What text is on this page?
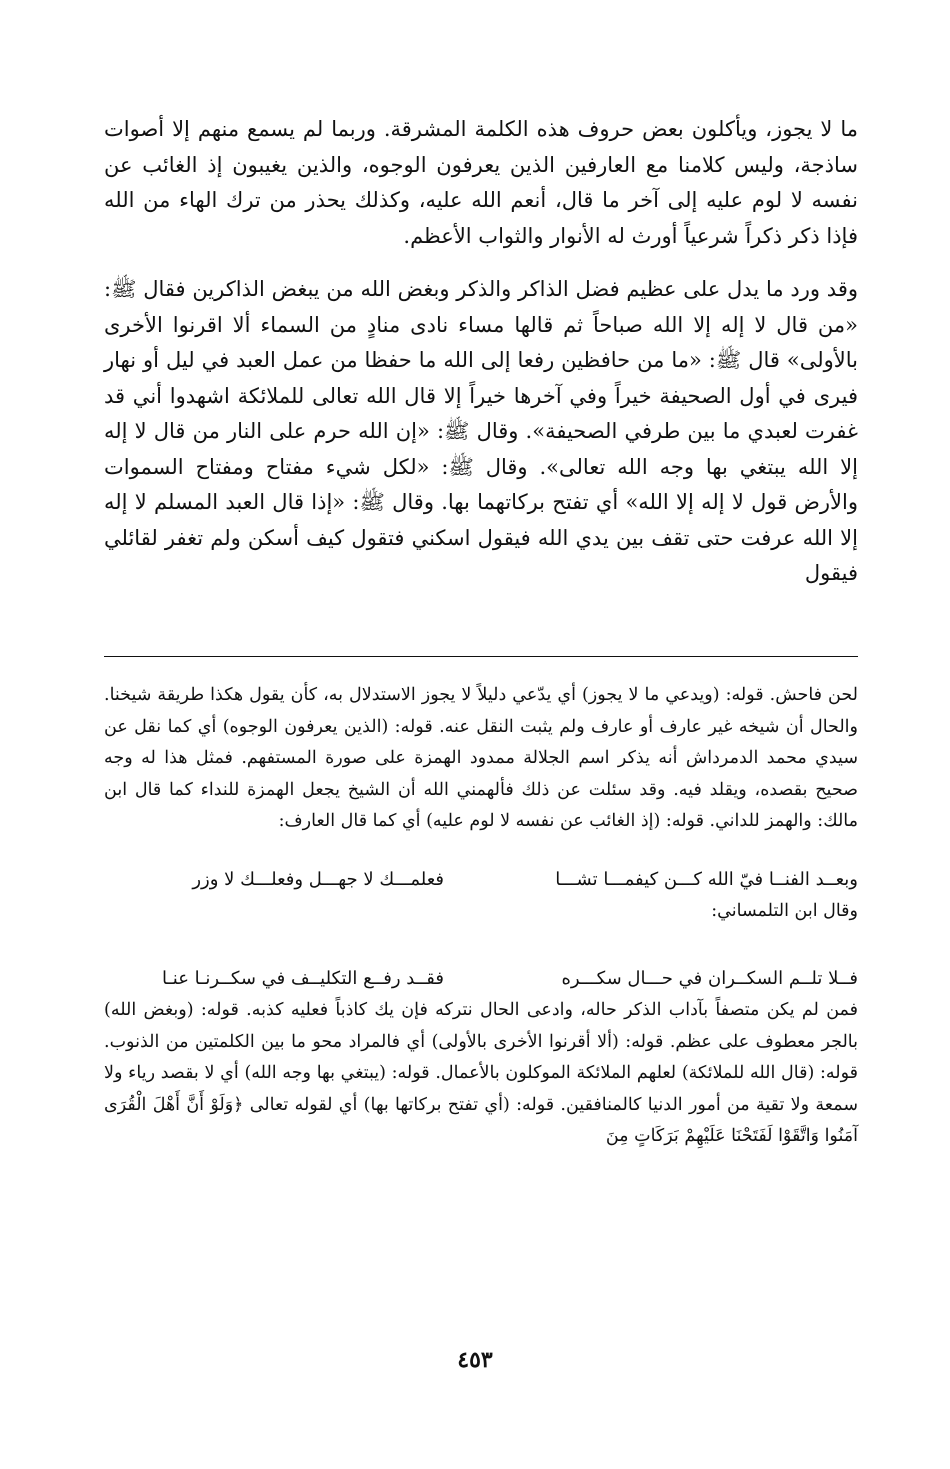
ما لا يجوز، ويأكلون بعض حروف هذه الكلمة المشرقة. وربما لم يسمع منهم إلا أصوات ساذجة، وليس كلامنا مع العارفين الذين يعرفون الوجوه، والذين يغيبون إذ الغائب عن نفسه لا لوم عليه إلى آخر ما قال، أنعم الله عليه، وكذلك يحذر من ترك الهاء من الله فإذا ذكر ذكراً شرعياً أورث له الأنوار والثواب الأعظم.

وقد ورد ما يدل على عظيم فضل الذاكر والذكر وبغض الله من يبغض الذاكرين فقال ﷺ: «من قال لا إله إلا الله صباحاً ثم قالها مساء نادى منادٍ من السماء ألا اقرنوا الأخرى بالأولى» قال ﷺ: «ما من حافظين رفعا إلى الله ما حفظا من عمل العبد في ليل أو نهار فيرى في أول الصحيفة خيراً وفي آخرها خيراً إلا قال الله تعالى للملائكة اشهدوا أني قد غفرت لعبدي ما بين طرفي الصحيفة». وقال ﷺ: «إن الله حرم على النار من قال لا إله إلا الله يبتغي بها وجه الله تعالى». وقال ﷺ: «لكل شيء مفتاح ومفتاح السموات والأرض قول لا إله إلا الله» أي تفتح بركاتهما بها. وقال ﷺ: «إذا قال العبد المسلم لا إله إلا الله عرفت حتى تقف بين يدي الله فيقول اسكني فتقول كيف أسكن ولم تغفر لقائلي فيقول

لحن فاحش. قوله: (ويدعي ما لا يجوز) أي يدّعي دليلاً لا يجوز الاستدلال به، كأن يقول هكذا طريقة شيخنا. والحال أن شيخه غير عارف أو عارف ولم يثبت النقل عنه. قوله: (الذين يعرفون الوجوه) أي كما نقل عن سيدي محمد الدمرداش أنه يذكر اسم الجلالة ممدود الهمزة على صورة المستفهم. فمثل هذا له وجه صحيح بقصده، ويقلد فيه. وقد سئلت عن ذلك فألهمني الله أن الشيخ يجعل الهمزة للنداء كما قال ابن مالك: والهمز للداني. قوله: (إذ الغائب عن نفسه لا لوم عليه) أي كما قال العارف:

وبعــد الفنــا فيّ الله كـــن كيفمـــا تشـــا
فعلمـــك لا جهـــل وفعلـــك لا وزر

وقال ابن التلمساني:

فــلا تلــم السكــران في حـــال سكـــره
فقــد رفــع التكليــف في سكــرنـا عنـا

فمن لم يكن متصفاً بآداب الذكر حاله، وادعى الحال نتركه فإن يك كاذباً فعليه كذبه. قوله: (وبغض الله) بالجر معطوف على عظم. قوله: (ألا أقرنوا الأخرى بالأولى) أي فالمراد محو ما بين الكلمتين من الذنوب. قوله: (قال الله للملائكة) لعلهم الملائكة الموكلون بالأعمال. قوله: (يبتغي بها وجه الله) أي لا بقصد رياء ولا سمعة ولا تقية من أمور الدنيا كالمنافقين. قوله: (أي تفتح بركاتها بها) أي لقوله تعالى ﴿وَلَوْ أَنَّ أَهْلَ الْقُرَى آمَنُوا وَاتَّقَوْا لَفَتَحْنَا عَلَيْهِمْ بَرَكَاتٍ مِنَ

٤٥٣
